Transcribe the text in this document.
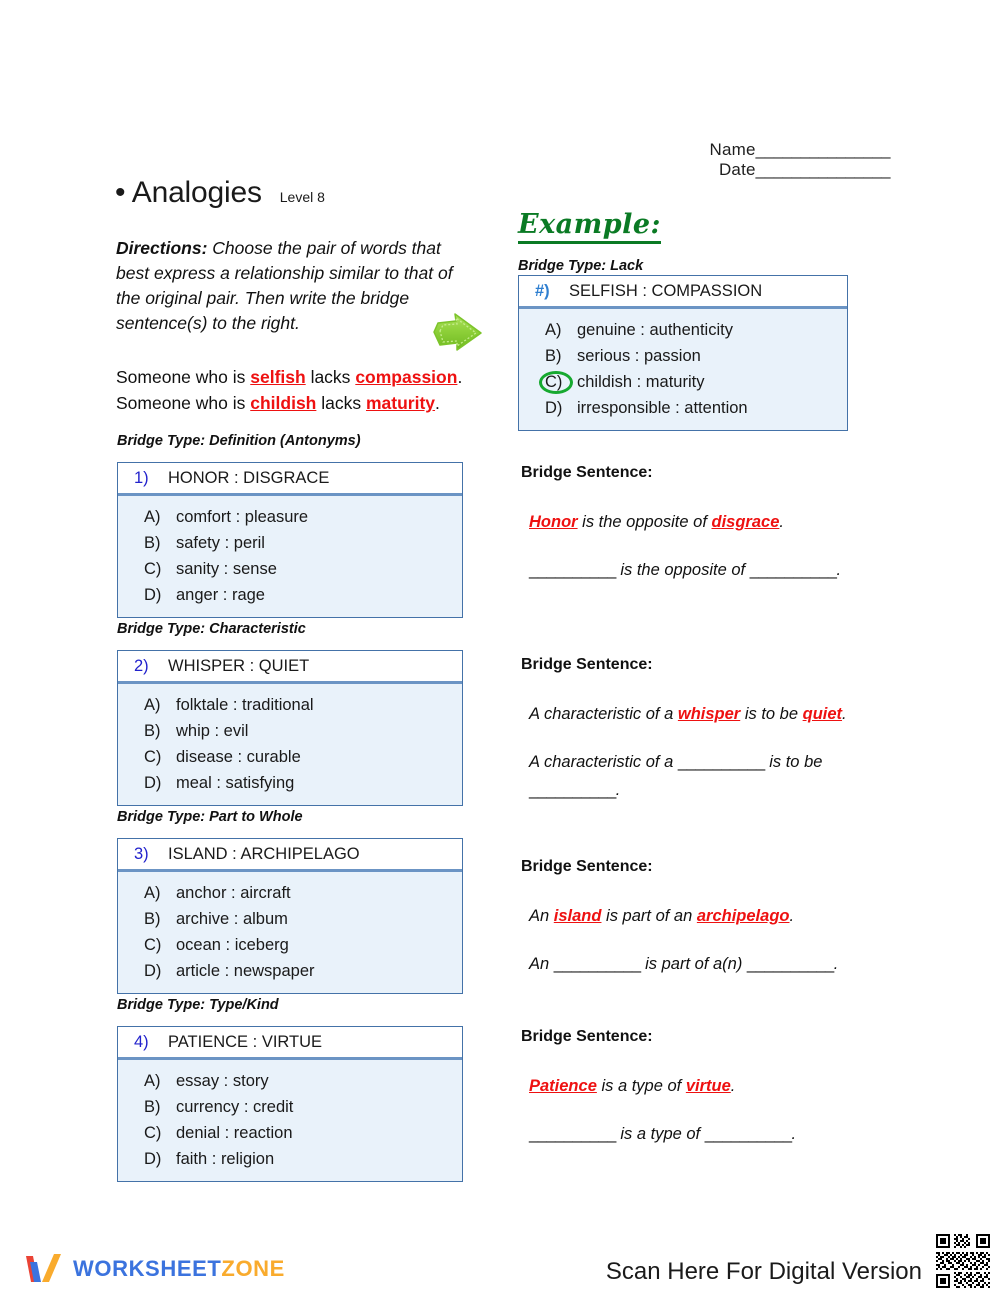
Name_______________
Date_______________
• Analogies Level 8
Directions: Choose the pair of words that best express a relationship similar to that of the original pair. Then write the bridge sentence(s) to the right.
Someone who is selfish lacks compassion.
Someone who is childish lacks maturity.
Example:
Bridge Type: Lack
#) SELFISH : COMPASSION
A) genuine : authenticity
B) serious : passion
C) childish : maturity
D) irresponsible : attention
Bridge Type: Definition (Antonyms)
1) HONOR : DISGRACE
A) comfort : pleasure
B) safety : peril
C) sanity : sense
D) anger : rage
Bridge Type: Characteristic
2) WHISPER : QUIET
A) folktale : traditional
B) whip : evil
C) disease : curable
D) meal : satisfying
Bridge Type: Part to Whole
3) ISLAND : ARCHIPELAGO
A) anchor : aircraft
B) archive : album
C) ocean : iceberg
D) article : newspaper
Bridge Type: Type/Kind
4) PATIENCE : VIRTUE
A) essay : story
B) currency : credit
C) denial : reaction
D) faith : religion
Bridge Sentence:
Honor is the opposite of disgrace.
__________ is the opposite of __________.
Bridge Sentence:
A characteristic of a whisper is to be quiet.
A characteristic of a __________ is to be
__________.
Bridge Sentence:
An island is part of an archipelago.
An __________ is part of a(n) __________.
Bridge Sentence:
Patience is a type of virtue.
__________ is a type of __________.
WORKSHEETZONE	Scan Here For Digital Version
